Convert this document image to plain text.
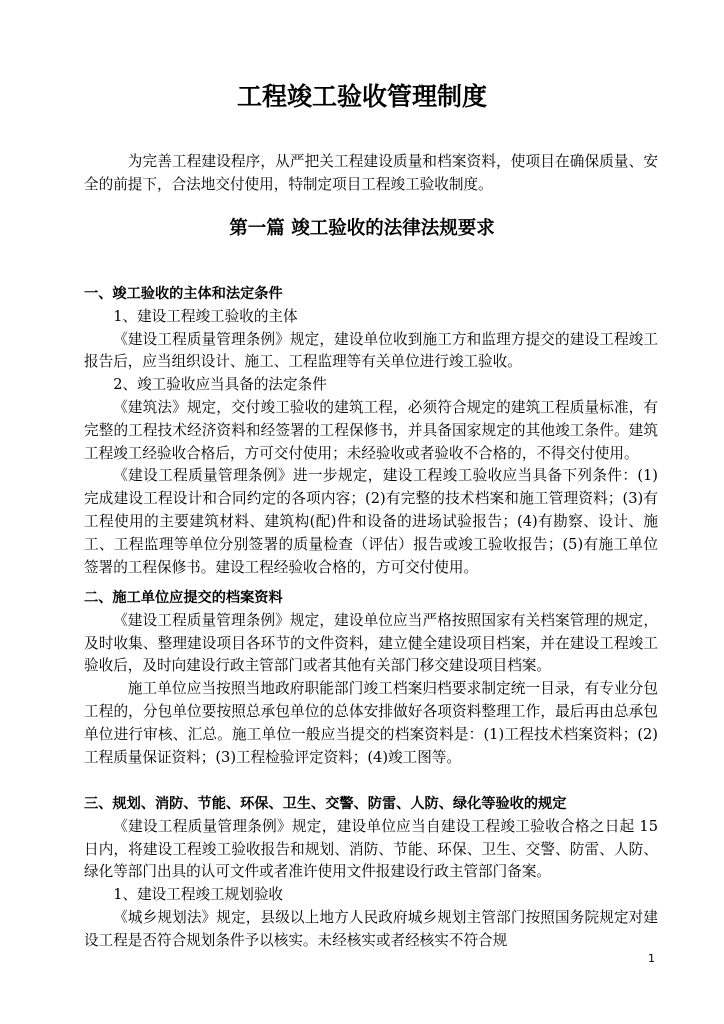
工程竣工验收管理制度

为完善工程建设程序，从严把关工程建设质量和档案资料，使项目在确保质量、安全的前提下，合法地交付使用，特制定项目工程竣工验收制度。

第一篇 竣工验收的法律法规要求
一、竣工验收的主体和法定条件

1、建设工程竣工验收的主体

《建设工程质量管理条例》规定，建设单位收到施工方和监理方提交的建设工程竣工报告后，应当组织设计、施工、工程监理等有关单位进行竣工验收。

2、竣工验收应当具备的法定条件

《建筑法》规定，交付竣工验收的建筑工程，必须符合规定的建筑工程质量标准，有完整的工程技术经济资料和经签署的工程保修书，并具备国家规定的其他竣工条件。建筑工程竣工经验收合格后，方可交付使用；未经验收或者验收不合格的，不得交付使用。

《建设工程质量管理条例》进一步规定，建设工程竣工验收应当具备下列条件：(1)完成建设工程设计和合同约定的各项内容；(2)有完整的技术档案和施工管理资料；(3)有工程使用的主要建筑材料、建筑构(配)件和设备的进场试验报告；(4)有勘察、设计、施工、工程监理等单位分别签署的质量检查（评估）报告或竣工验收报告；(5)有施工单位签署的工程保修书。建设工程经验收合格的，方可交付使用。

二、施工单位应提交的档案资料

《建设工程质量管理条例》规定，建设单位应当严格按照国家有关档案管理的规定，及时收集、整理建设项目各环节的文件资料，建立健全建设项目档案，并在建设工程竣工验收后，及时向建设行政主管部门或者其他有关部门移交建设项目档案。

施工单位应当按照当地政府职能部门竣工档案归档要求制定统一目录，有专业分包工程的，分包单位要按照总承包单位的总体安排做好各项资料整理工作，最后再由总承包单位进行审核、汇总。施工单位一般应当提交的档案资料是：(1)工程技术档案资料；(2)工程质量保证资料；(3)工程检验评定资料；(4)竣工图等。

三、规划、消防、节能、环保、卫生、交警、防雷、人防、绿化等验收的规定

《建设工程质量管理条例》规定，建设单位应当自建设工程竣工验收合格之日起 15 日内，将建设工程竣工验收报告和规划、消防、节能、环保、卫生、交警、防雷、人防、绿化等部门出具的认可文件或者准许使用文件报建设行政主管部门备案。

1、建设工程竣工规划验收

《城乡规划法》规定，县级以上地方人民政府城乡规划主管部门按照国务院规定对建设工程是否符合规划条件予以核实。未经核实或者经核实不符合规

1
